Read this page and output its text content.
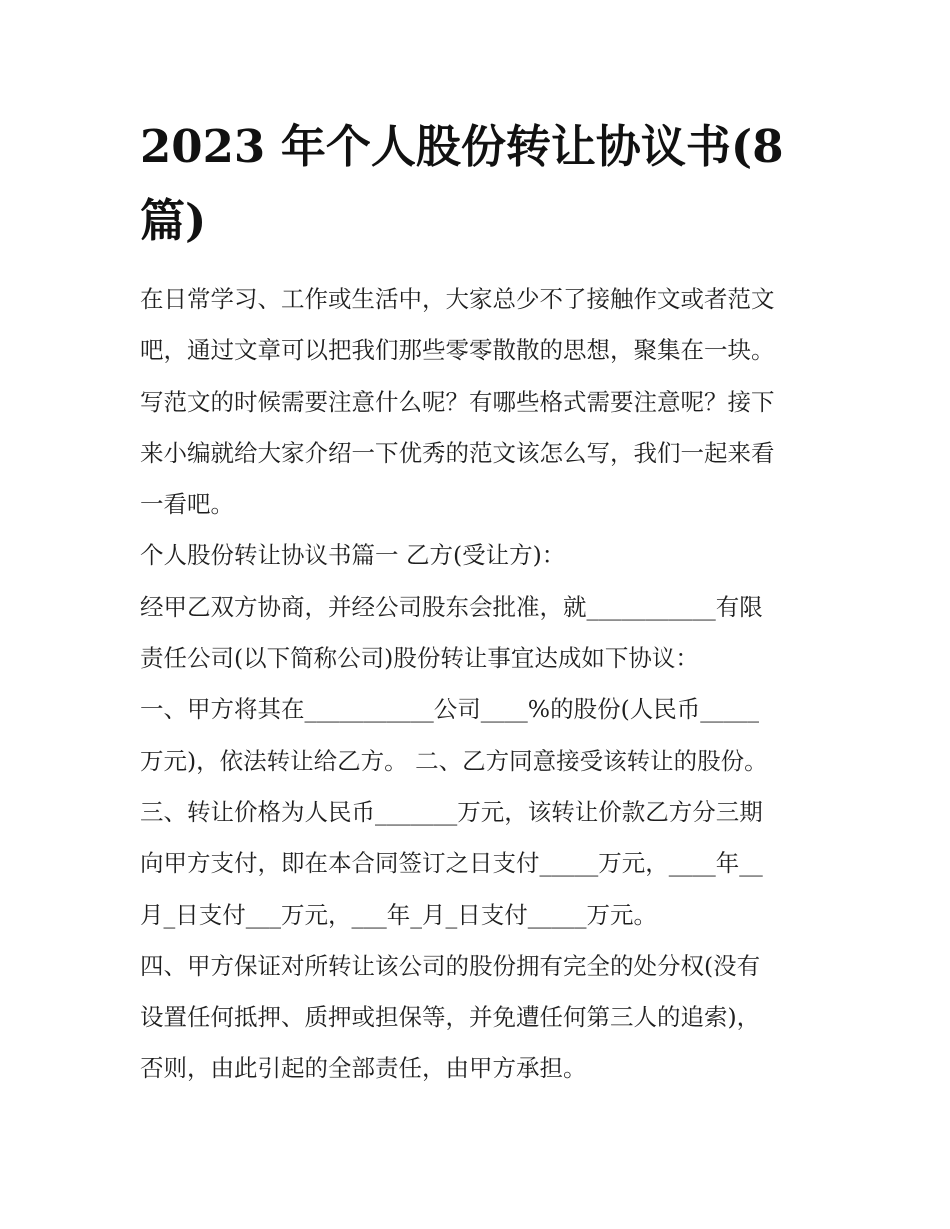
2023 年个人股份转让协议书(8
篇)

在日常学习、工作或生活中，大家总少不了接触作文或者范文

吧，通过文章可以把我们那些零零散散的思想，聚集在一块。

写范文的时候需要注意什么呢？有哪些格式需要注意呢？接下

来小编就给大家介绍一下优秀的范文该怎么写，我们一起来看

一看吧。

个人股份转让协议书篇一 乙方(受让方)：

经甲乙双方协商，并经公司股东会批准，就___________有限

责任公司(以下简称公司)股份转让事宜达成如下协议：

一、甲方将其在___________公司____%的股份(人民币_____

万元)，依法转让给乙方。 二、乙方同意接受该转让的股份。

三、转让价格为人民币_______万元，该转让价款乙方分三期

向甲方支付，即在本合同签订之日支付_____万元，____年__

月_日支付___万元，___年_月_日支付_____万元。

四、甲方保证对所转让该公司的股份拥有完全的处分权(没有

设置任何抵押、质押或担保等，并免遭任何第三人的追索)，

否则，由此引起的全部责任，由甲方承担。
